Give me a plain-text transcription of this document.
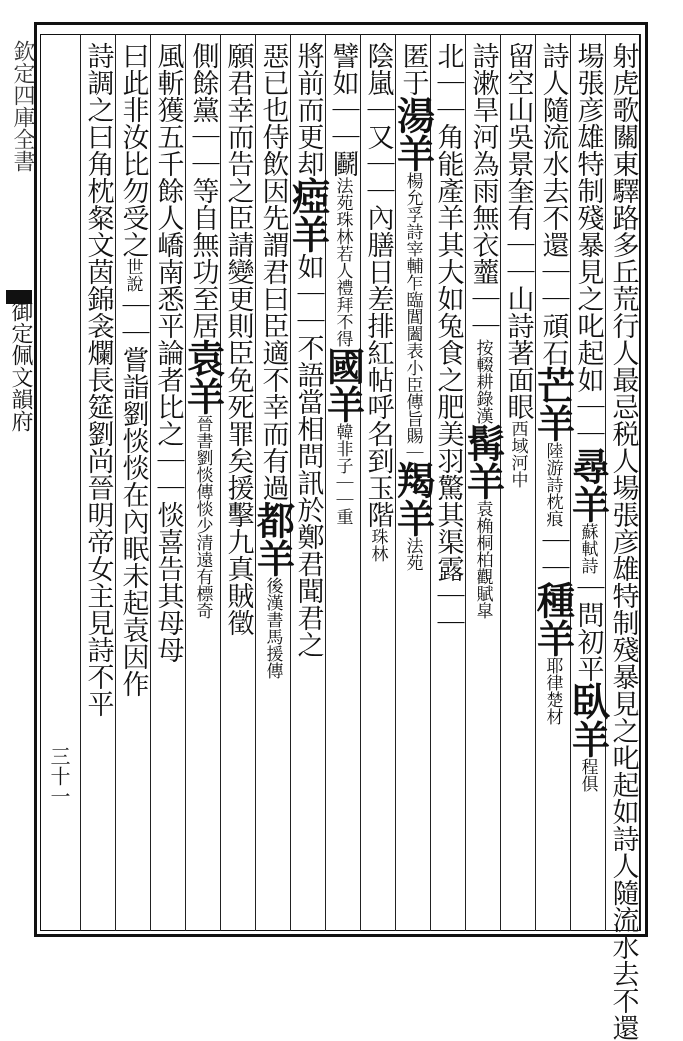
欽定四庫全書
御定佩文韻府	射虎歌關東驛路多丘荒行人最忌税人場張彦雄特制殘暴見之叱起如詩人隨流水去不還
場張彦雄特制殘暴見之叱起如｜｜尋羊蘇軾詩｜問初平臥羊程俱
詩人隨流水去不還｜｜頑石芒羊陸游詩枕痕｜｜種羊耶律楚材
留空山吳景奎有｜｜山詩著面眼西域河中
詩漱旱河為雨無衣虀｜｜按輟耕錄漢髯羊袁桷桐柏觀賦皐
北｜｜角能產羊其大如兔食之肥美羽驚其渠露｜｜
匿于湯羊楊允孚詩宰輔乍臨閶闔表小臣傳旨賜｜羯羊法苑
陰嵐｜又｜｜內膳日差排紅帖呼名到玉階珠林
譬如｜｜鬬法苑珠林若人禮拜不得國羊韓非子｜｜重
將前而更却瘂羊如｜｜不語當相問訊於鄭君聞君之
惡已也侍飲因先謂君曰臣適不幸而有過都羊後漢書馬援傳
願君幸而告之臣請變更則臣免死罪矣援擊九真賊徵
側餘黨｜｜等自無功至居袁羊晉書劉惔傳惔少清遠有標奇
風斬獲五千餘人嶠南悉平論者比之｜｜惔喜告其母母
曰此非汝比勿受之世說｜｜嘗詣劉惔惔在內眠未起袁因作
詩調之曰角枕粲文茵錦衾爛長筵劉尚晉明帝女主見詩不平
三十一
